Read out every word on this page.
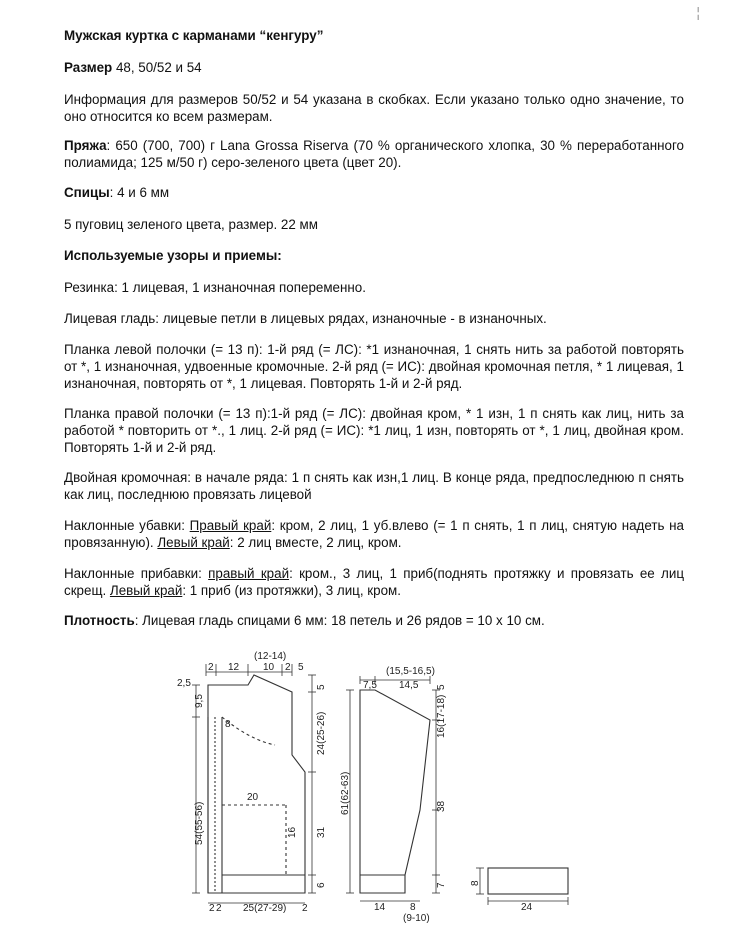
¦

Мужская куртка с карманами “кенгуру”

Размер 48, 50/52 и 54

Информация для размеров 50/52 и 54 указана в скобках. Если указано только одно значение, то оно относится ко всем размерам.

Пряжа: 650 (700, 700) г Lana Grossa Riserva (70 % органического хлопка, 30 % переработанного полиамида; 125 м/50 г) серо-зеленого цвета (цвет 20).

Спицы: 4 и 6 мм

5 пуговиц зеленого цвета, размер. 22 мм

Используемые узоры и приемы:

Резинка: 1 лицевая, 1 изнаночная попеременно.

Лицевая гладь: лицевые петли в лицевых рядах, изнаночные - в изнаночных.

Планка левой полочки (= 13 п): 1-й ряд (= ЛС): *1 изнаночная, 1 снять нить за работой повторять от *, 1 изнаночная, удвоенные кромочные. 2-й ряд (= ИС): двойная кромочная петля, * 1 лицевая, 1 изнаночная, повторять от *, 1 лицевая. Повторять 1-й и 2-й ряд.

Планка правой полочки (= 13 п):1-й ряд (= ЛС): двойная кром, * 1 изн, 1 п снять как лиц, нить за работой * повторить от *., 1 лиц. 2-й ряд (= ИС): *1 лиц, 1 изн, повторять от *, 1 лиц, двойная кром. Повторять 1-й и 2-й ряд.

Двойная кромочная: в начале ряда: 1 п снять как изн,1 лиц. В конце ряда, предпоследнюю п снять как лиц, последнюю провязать лицевой

Наклонные убавки: Правый край: кром, 2 лиц, 1 уб.влево (= 1 п снять, 1 п лиц, снятую надеть на провязанную). Левый край: 2 лиц вместе, 2 лиц, кром.

Наклонные прибавки: правый край: кром., 3 лиц, 1 приб(поднять протяжку и провязать ее лиц скрещ. Левый край: 1 приб (из протяжки), 3 лиц, кром.

Плотность: Лицевая гладь спицами 6 мм: 18 петель и 26 рядов = 10 х 10 см.

2 12
(12-14)
10 2 5
2,5
9,5
54(55-56)
8
20
16
5
24(25-26)
31
6
2 2 25(27-29) 2
(15,5-16,5)
7,5 14,5
61(62-63)
5
16(17-18)
38
7
14 8
(9-10)
8
24
